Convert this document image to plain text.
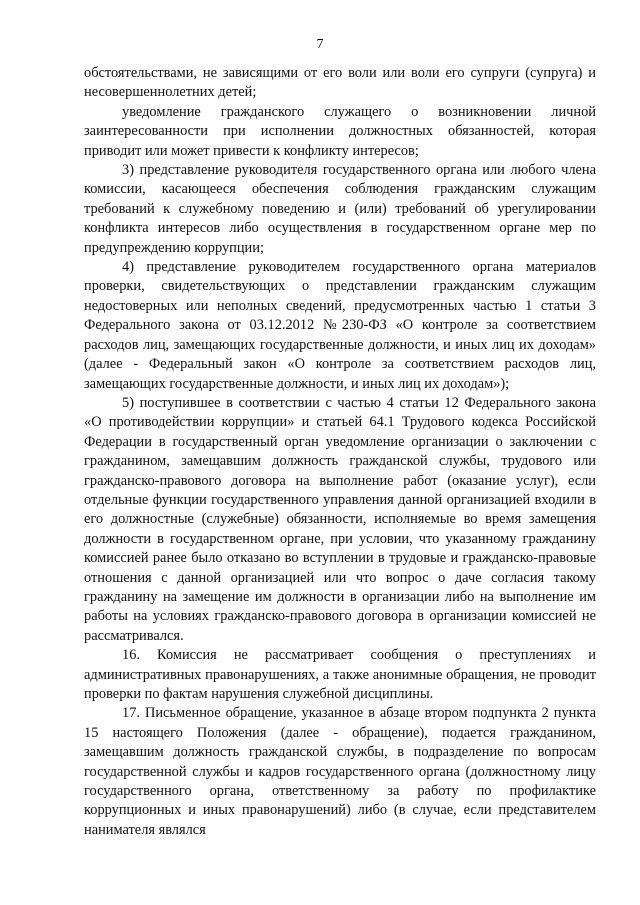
7

обстоятельствами, не зависящими от его воли или воли его супруги (супруга) и несовершеннолетних детей;

уведомление гражданского служащего о возникновении личной заинтересованности при исполнении должностных обязанностей, которая приводит или может привести к конфликту интересов;

3) представление руководителя государственного органа или любого члена комиссии, касающееся обеспечения соблюдения гражданским служащим требований к служебному поведению и (или) требований об урегулировании конфликта интересов либо осуществления в государственном органе мер по предупреждению коррупции;

4) представление руководителем государственного органа материалов проверки, свидетельствующих о представлении гражданским служащим недостоверных или неполных сведений, предусмотренных частью 1 статьи 3 Федерального закона от 03.12.2012 №230-ФЗ «О контроле за соответствием расходов лиц, замещающих государственные должности, и иных лиц их доходам» (далее - Федеральный закон «О контроле за соответствием расходов лиц, замещающих государственные должности, и иных лиц их доходам»);

5) поступившее в соответствии с частью 4 статьи 12 Федерального закона «О противодействии коррупции» и статьей 64.1 Трудового кодекса Российской Федерации в государственный орган уведомление организации о заключении с гражданином, замещавшим должность гражданской службы, трудового или гражданско-правового договора на выполнение работ (оказание услуг), если отдельные функции государственного управления данной организацией входили в его должностные (служебные) обязанности, исполняемые во время замещения должности в государственном органе, при условии, что указанному гражданину комиссией ранее было отказано во вступлении в трудовые и гражданско-правовые отношения с данной организацией или что вопрос о даче согласия такому гражданину на замещение им должности в организации либо на выполнение им работы на условиях гражданско-правового договора в организации комиссией не рассматривался.

16. Комиссия не рассматривает сообщения о преступлениях и административных правонарушениях, а также анонимные обращения, не проводит проверки по фактам нарушения служебной дисциплины.

17. Письменное обращение, указанное в абзаце втором подпункта 2 пункта 15 настоящего Положения (далее - обращение), подается гражданином, замещавшим должность гражданской службы, в подразделение по вопросам государственной службы и кадров государственного органа (должностному лицу государственного органа, ответственному за работу по профилактике коррупционных и иных правонарушений) либо (в случае, если представителем нанимателя являлся
